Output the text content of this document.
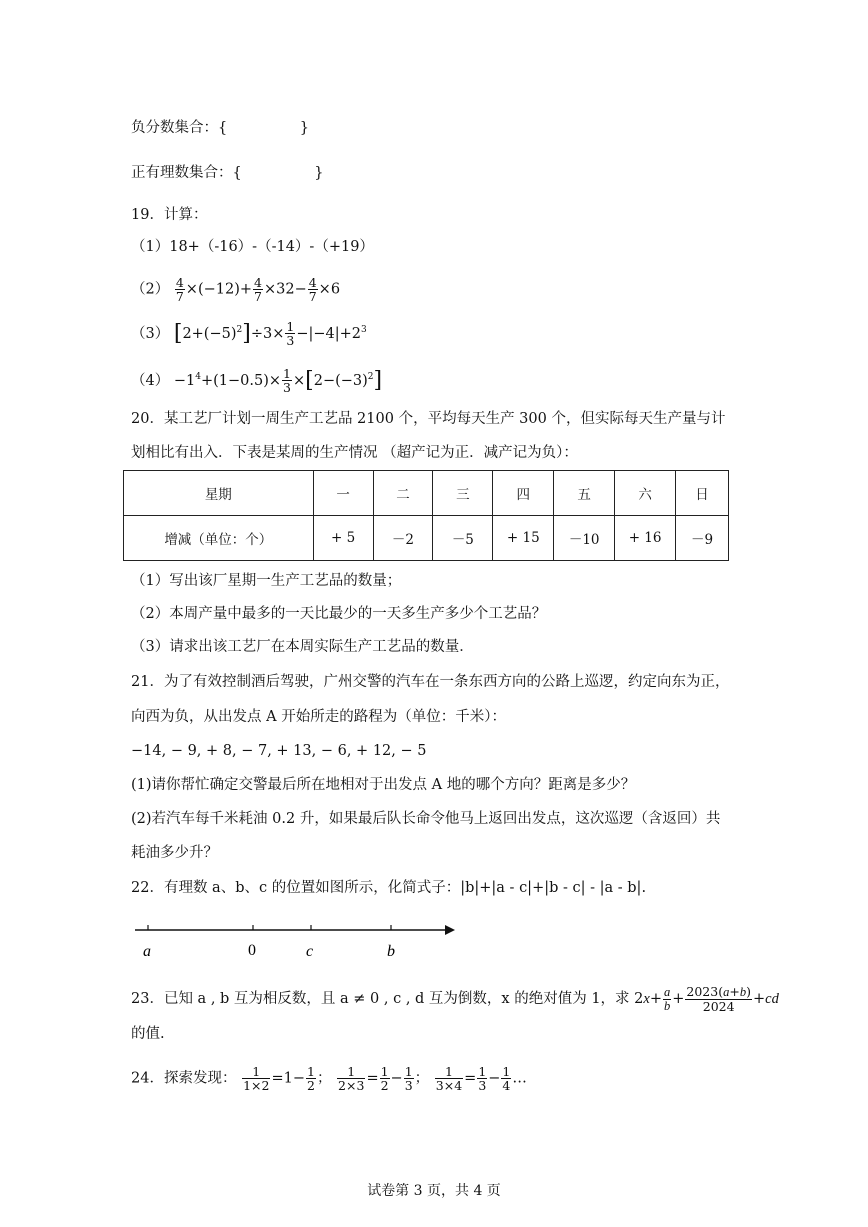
负分数集合：{　　　　　}
正有理数集合：{　　　　　}
19．计算：
（1）18+（-16）-（-14）-（+19）
$(2) \frac{4}{7} \times(-12)+ \frac{4}{7} \times 32- \frac{4}{7} \times 6$
（3） $[2+(-5)^2]\div 3\times \frac{1}{3} -|-4|+2^3$
$(4) -1^4+(1-0.5)\times \frac{1}{3} \times[2-(-3)^2]$
20．某工艺厂计划一周生产工艺品 2100 个，平均每天生产 300 个，但实际每天生产量与计
划相比有出入．下表是某周的生产情况 （超产记为正．减产记为负）：
星期	一	二	三	四	五	六	日
增减（单位：个）	+ 5	－2	－5	+ 15	－10	+ 16	－9
（1）写出该厂星期一生产工艺品的数量；
（2）本周产量中最多的一天比最少的一天多生产多少个工艺品？
（3）请求出该工艺厂在本周实际生产工艺品的数量．
21．为了有效控制酒后驾驶，广州交警的汽车在一条东西方向的公路上巡逻，约定向东为正，
向西为负，从出发点 A 开始所走的路程为（单位：千米）：
−14, − 9, + 8, − 7, + 13, − 6, + 12, − 5
(1)请你帮忙确定交警最后所在地相对于出发点 A 地的哪个方向？距离是多少？
(2)若汽车每千米耗油 0.2 升，如果最后队长命令他马上返回出发点，这次巡逻（含返回）共
耗油多少升？
22．有理数 a、b、c 的位置如图所示，化简式子：|b|+|a - c|+|b - c| - |a - b|.
a	0	c	b
23．已知 a , b 互为相反数，且 a ≠ 0 , c , d 互为倒数，x 的绝对值为 1，求 $2x+ \frac{a}{b} + \frac{2023(a+b)}{2024} +cd$
的值.
24．探索发现： $\frac{1}{1\times 2} =1- \frac{1}{2}$ ； $\frac{1}{2\times 3} = \frac{1}{2} - \frac{1}{3}$ ； $\frac{1}{3\times 4} = \frac{1}{3} - \frac{1}{4}$ …
试卷第 3 页，共 4 页
